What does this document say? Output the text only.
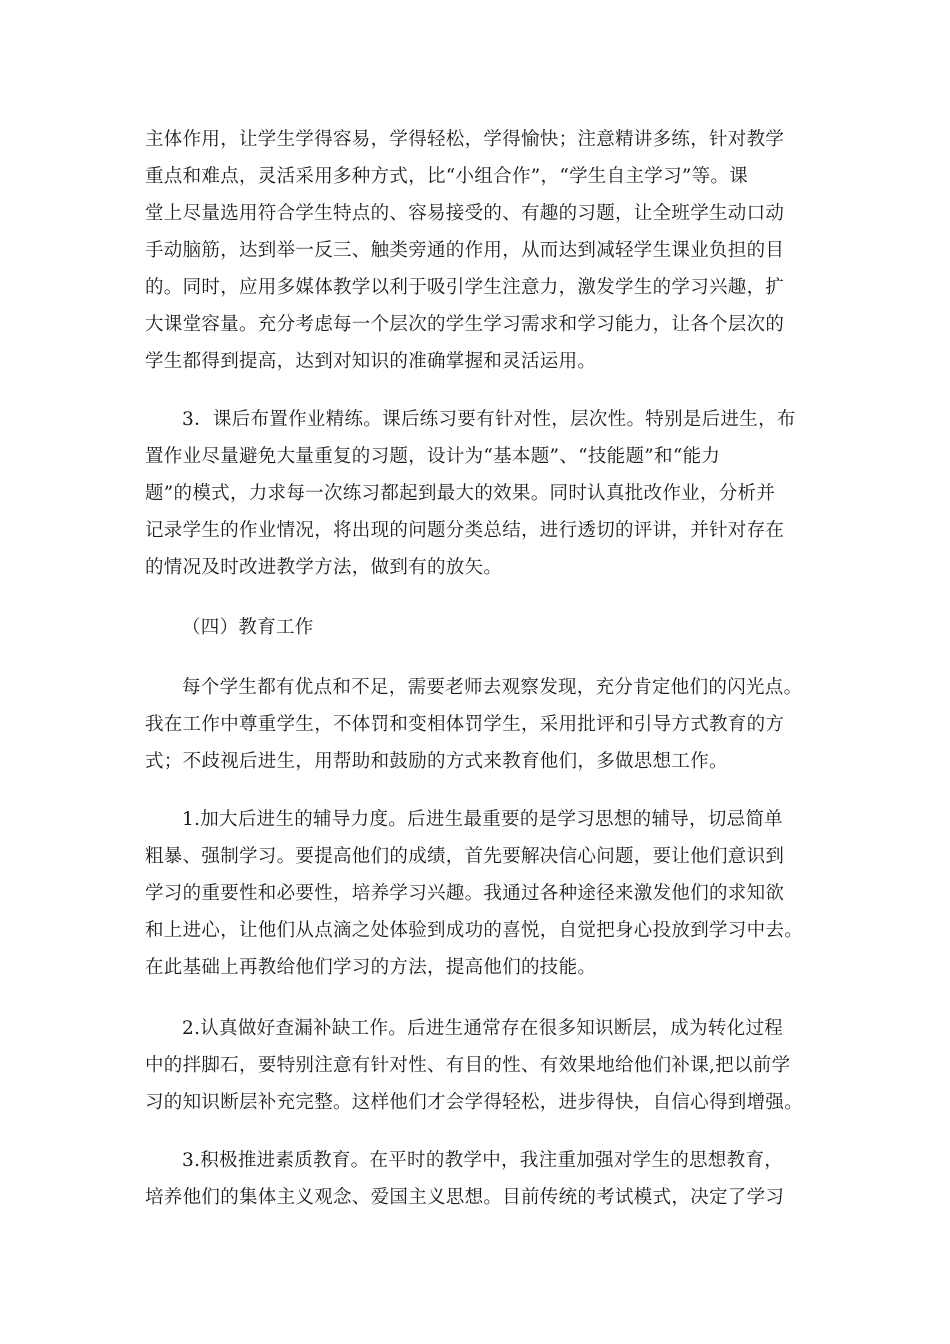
主体作用，让学生学得容易，学得轻松，学得愉快；注意精讲多练，针对教学
重点和难点，灵活采用多种方式，比“小组合作”，“学生自主学习”等。课
堂上尽量选用符合学生特点的、容易接受的、有趣的习题，让全班学生动口动
手动脑筋，达到举一反三、触类旁通的作用，从而达到减轻学生课业负担的目
的。同时，应用多媒体教学以利于吸引学生注意力，激发学生的学习兴趣，扩
大课堂容量。充分考虑每一个层次的学生学习需求和学习能力，让各个层次的
学生都得到提高，达到对知识的准确掌握和灵活运用。
3．课后布置作业精练。课后练习要有针对性，层次性。特别是后进生，布
置作业尽量避免大量重复的习题，设计为“基本题”、“技能题”和“能力
题”的模式，力求每一次练习都起到最大的效果。同时认真批改作业，分析并
记录学生的作业情况，将出现的问题分类总结，进行透切的评讲，并针对存在
的情况及时改进教学方法，做到有的放矢。
（四）教育工作
每个学生都有优点和不足，需要老师去观察发现，充分肯定他们的闪光点。
我在工作中尊重学生，不体罚和变相体罚学生，采用批评和引导方式教育的方
式；不歧视后进生，用帮助和鼓励的方式来教育他们，多做思想工作。
1.加大后进生的辅导力度。后进生最重要的是学习思想的辅导，切忌简单
粗暴、强制学习。要提高他们的成绩，首先要解决信心问题，要让他们意识到
学习的重要性和必要性，培养学习兴趣。我通过各种途径来激发他们的求知欲
和上进心，让他们从点滴之处体验到成功的喜悦，自觉把身心投放到学习中去。
在此基础上再教给他们学习的方法，提高他们的技能。
2.认真做好查漏补缺工作。后进生通常存在很多知识断层，成为转化过程
中的拌脚石，要特别注意有针对性、有目的性、有效果地给他们补课,把以前学
习的知识断层补充完整。这样他们才会学得轻松，进步得快，自信心得到增强。
3.积极推进素质教育。在平时的教学中，我注重加强对学生的思想教育，
培养他们的集体主义观念、爱国主义思想。目前传统的考试模式，决定了学习
